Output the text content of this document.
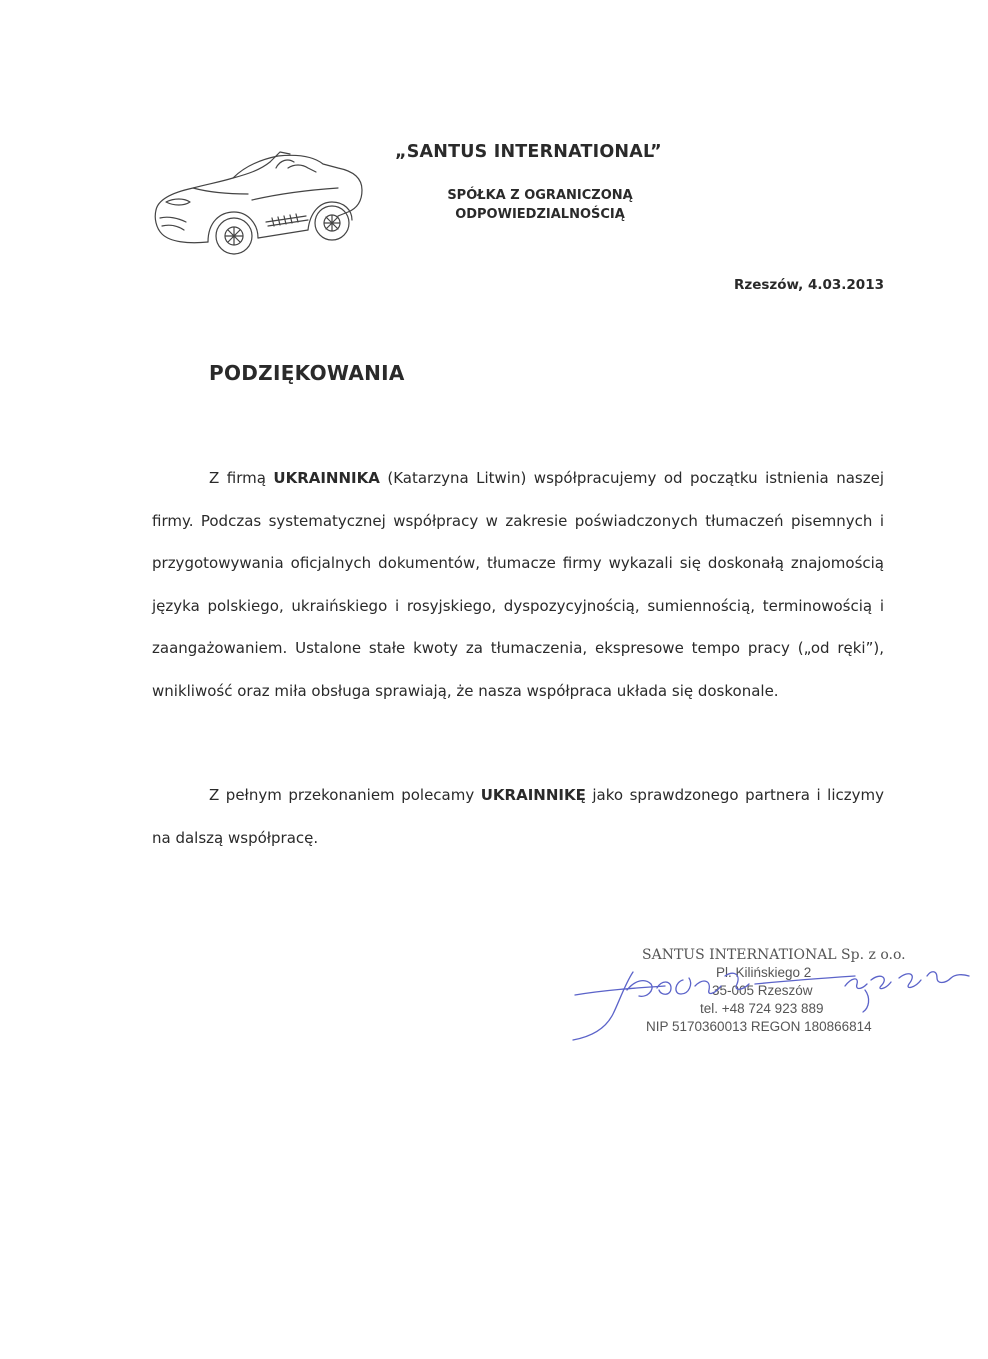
„SANTUS INTERNATIONAL”
SPÓŁKA Z OGRANICZONĄ
ODPOWIEDZIALNOŚCIĄ
Rzeszów, 4.03.2013
PODZIĘKOWANIA
Z firmą UKRAINNIKA (Katarzyna Litwin) współpracujemy od początku istnienia naszej firmy. Podczas systematycznej współpracy w zakresie poświadczonych tłumaczeń pisemnych i przygotowywania oficjalnych dokumentów, tłumacze firmy wykazali się doskonałą znajomością języka polskiego, ukraińskiego i rosyjskiego, dyspozycyjnością, sumiennością, terminowością i zaangażowaniem. Ustalone stałe kwoty za tłumaczenia, ekspresowe tempo pracy („od ręki”), wnikliwość oraz miła obsługa sprawiają, że nasza współpraca układa się doskonale.
Z pełnym przekonaniem polecamy UKRAINNIKĘ jako sprawdzonego partnera i liczymy na dalszą współpracę.
SANTUS INTERNATIONAL Sp. z o.o.
Pl. Kilińskiego 2
35-005 Rzeszów
tel. +48 724 923 889
NIP 5170360013 REGON 180866814
